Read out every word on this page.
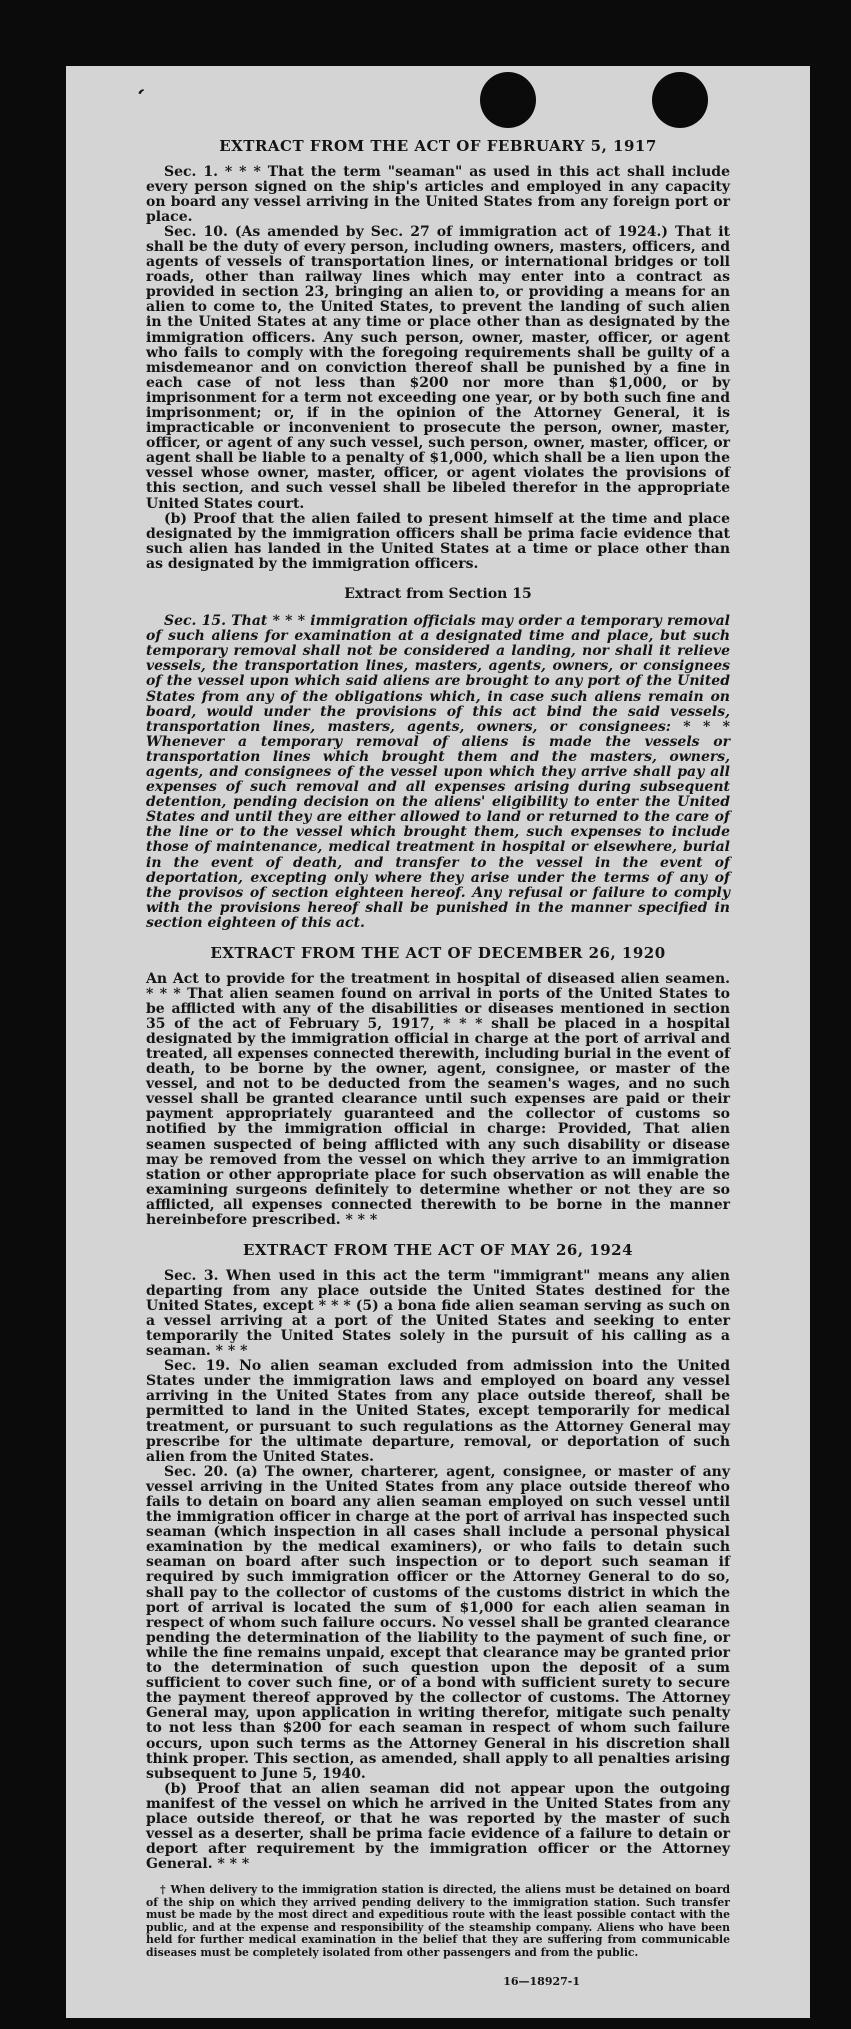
‘
EXTRACT FROM THE ACT OF FEBRUARY 5, 1917

Sec. 1. * * * That the term "seaman" as used in this act shall include every person signed on the ship's articles and employed in any capacity on board any vessel arriving in the United States from any foreign port or place.

Sec. 10. (As amended by Sec. 27 of immigration act of 1924.) That it shall be the duty of every person, including owners, masters, officers, and agents of vessels of transportation lines, or international bridges or toll roads, other than railway lines which may enter into a contract as provided in section 23, bringing an alien to, or providing a means for an alien to come to, the United States, to prevent the landing of such alien in the United States at any time or place other than as designated by the immigration officers. Any such person, owner, master, officer, or agent who fails to comply with the foregoing requirements shall be guilty of a misdemeanor and on conviction thereof shall be punished by a fine in each case of not less than $200 nor more than $1,000, or by imprisonment for a term not exceeding one year, or by both such fine and imprisonment; or, if in the opinion of the Attorney General, it is impracticable or inconvenient to prosecute the person, owner, master, officer, or agent of any such vessel, such person, owner, master, officer, or agent shall be liable to a penalty of $1,000, which shall be a lien upon the vessel whose owner, master, officer, or agent violates the provisions of this section, and such vessel shall be libeled therefor in the appropriate United States court.

(b) Proof that the alien failed to present himself at the time and place designated by the immigration officers shall be prima facie evidence that such alien has landed in the United States at a time or place other than as designated by the immigration officers.

Extract from Section 15

Sec. 15. That * * * immigration officials may order a temporary removal of such aliens for examination at a designated time and place, but such temporary removal shall not be considered a landing, nor shall it relieve vessels, the transportation lines, masters, agents, owners, or consignees of the vessel upon which said aliens are brought to any port of the United States from any of the obligations which, in case such aliens remain on board, would under the provisions of this act bind the said vessels, transportation lines, masters, agents, owners, or consignees: * * * Whenever a temporary removal of aliens is made the vessels or transportation lines which brought them and the masters, owners, agents, and consignees of the vessel upon which they arrive shall pay all expenses of such removal and all expenses arising during subsequent detention, pending decision on the aliens' eligibility to enter the United States and until they are either allowed to land or returned to the care of the line or to the vessel which brought them, such expenses to include those of maintenance, medical treatment in hospital or elsewhere, burial in the event of death, and transfer to the vessel in the event of deportation, excepting only where they arise under the terms of any of the provisos of section eighteen hereof. Any refusal or failure to comply with the provisions hereof shall be punished in the manner specified in section eighteen of this act.

EXTRACT FROM THE ACT OF DECEMBER 26, 1920

An Act to provide for the treatment in hospital of diseased alien seamen. * * * That alien seamen found on arrival in ports of the United States to be afflicted with any of the disabilities or diseases mentioned in section 35 of the act of February 5, 1917, * * * shall be placed in a hospital designated by the immigration official in charge at the port of arrival and treated, all expenses connected therewith, including burial in the event of death, to be borne by the owner, agent, consignee, or master of the vessel, and not to be deducted from the seamen's wages, and no such vessel shall be granted clearance until such expenses are paid or their payment appropriately guaranteed and the collector of customs so notified by the immigration official in charge: Provided, That alien seamen suspected of being afflicted with any such disability or disease may be removed from the vessel on which they arrive to an immigration station or other appropriate place for such observation as will enable the examining surgeons definitely to determine whether or not they are so afflicted, all expenses connected therewith to be borne in the manner hereinbefore prescribed. * * *

EXTRACT FROM THE ACT OF MAY 26, 1924

Sec. 3. When used in this act the term "immigrant" means any alien departing from any place outside the United States destined for the United States, except * * * (5) a bona fide alien seaman serving as such on a vessel arriving at a port of the United States and seeking to enter temporarily the United States solely in the pursuit of his calling as a seaman. * * *

Sec. 19. No alien seaman excluded from admission into the United States under the immigration laws and employed on board any vessel arriving in the United States from any place outside thereof, shall be permitted to land in the United States, except temporarily for medical treatment, or pursuant to such regulations as the Attorney General may prescribe for the ultimate departure, removal, or deportation of such alien from the United States.

Sec. 20. (a) The owner, charterer, agent, consignee, or master of any vessel arriving in the United States from any place outside thereof who fails to detain on board any alien seaman employed on such vessel until the immigration officer in charge at the port of arrival has inspected such seaman (which inspection in all cases shall include a personal physical examination by the medical examiners), or who fails to detain such seaman on board after such inspection or to deport such seaman if required by such immigration officer or the Attorney General to do so, shall pay to the collector of customs of the customs district in which the port of arrival is located the sum of $1,000 for each alien seaman in respect of whom such failure occurs. No vessel shall be granted clearance pending the determination of the liability to the payment of such fine, or while the fine remains unpaid, except that clearance may be granted prior to the determination of such question upon the deposit of a sum sufficient to cover such fine, or of a bond with sufficient surety to secure the payment thereof approved by the collector of customs. The Attorney General may, upon application in writing therefor, mitigate such penalty to not less than $200 for each seaman in respect of whom such failure occurs, upon such terms as the Attorney General in his discretion shall think proper. This section, as amended, shall apply to all penalties arising subsequent to June 5, 1940.

(b) Proof that an alien seaman did not appear upon the outgoing manifest of the vessel on which he arrived in the United States from any place outside thereof, or that he was reported by the master of such vessel as a deserter, shall be prima facie evidence of a failure to detain or deport after requirement by the immigration officer or the Attorney General. * * *

† When delivery to the immigration station is directed, the aliens must be detained on board of the ship on which they arrived pending delivery to the immigration station. Such transfer must be made by the most direct and expeditious route with the least possible contact with the public, and at the expense and responsibility of the steamship company. Aliens who have been held for further medical examination in the belief that they are suffering from communicable diseases must be completely isolated from other passengers and from the public.
16—18927-1
